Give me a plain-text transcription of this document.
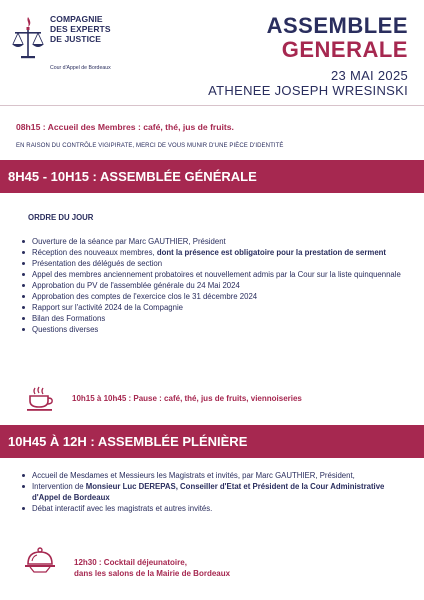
COMPAGNIE
DES EXPERTS
DE JUSTICE
Cour d'Appel de Bordeaux
ASSEMBLEE
GENERALE
23 MAI 2025
ATHENEE JOSEPH WRESINSKI
08h15 : Accueil des Membres : café, thé, jus de fruits.
EN RAISON DU CONTRÔLE VIGIPIRATE, MERCI DE VOUS MUNIR D'UNE PIÈCE D'IDENTITÉ
8H45 - 10H15 : ASSEMBLÉE GÉNÉRALE
ORDRE DU JOUR
Ouverture de la séance par Marc GAUTHIER, Président
Réception des nouveaux membres, dont la présence est obligatoire pour la prestation de serment
Présentation des délégués de section
Appel des membres anciennement probatoires et nouvellement admis par la Cour sur la liste quinquennale
Approbation du PV de l'assemblée générale du 24 Mai 2024
Approbation des comptes de l'exercice clos le 31 décembre 2024
Rapport sur l'activité 2024 de la Compagnie
Bilan des Formations
Questions diverses
10h15 à 10h45 : Pause : café, thé, jus de fruits, viennoiseries
10H45 À 12H : ASSEMBLÉE PLÉNIÈRE
Accueil de Mesdames et Messieurs les Magistrats et invités, par Marc GAUTHIER, Président,
Intervention de Monsieur Luc DEREPAS, Conseiller d'Etat et Président de la Cour Administrative d'Appel de Bordeaux
Débat interactif avec les magistrats et autres invités.
12h30 : Cocktail déjeunatoire,
dans les salons de la Mairie de Bordeaux
